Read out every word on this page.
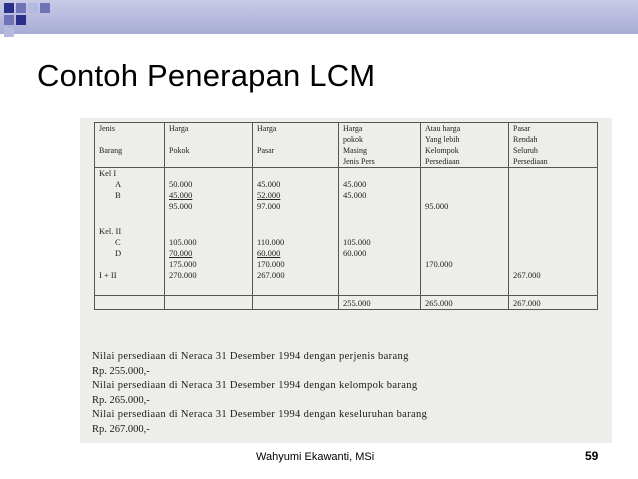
Contoh Penerapan LCM
Jenis	Harga	Harga	Harga	Atau harga	Pasar
			pokok	Yang lebih	Rendah
Barang	Pokok	Pasar	Masing	Kelompok	Seluruh
			Jenis Pers	Persediaan	Persediaan
Kel I					
A	50.000	45.000	45.000		
B	45.000	52.000	45.000		
	95.000	97.000		95.000	

Kel. II					
C	105.000	110.000	105.000		
D	70.000	60.000	60.000		
	175.000	170.000		170.000	
I + II	270.000	267.000			267.000

			255.000	265.000	267.000
Nilai persediaan di Neraca 31 Desember 1994 dengan perjenis barang
Rp. 255.000,-
Nilai persediaan di Neraca 31 Desember 1994 dengan kelompok barang
Rp. 265.000,-
Nilai persediaan di Neraca 31 Desember 1994 dengan keseluruhan barang
Rp. 267.000,-
Wahyumi Ekawanti, MSi	59
